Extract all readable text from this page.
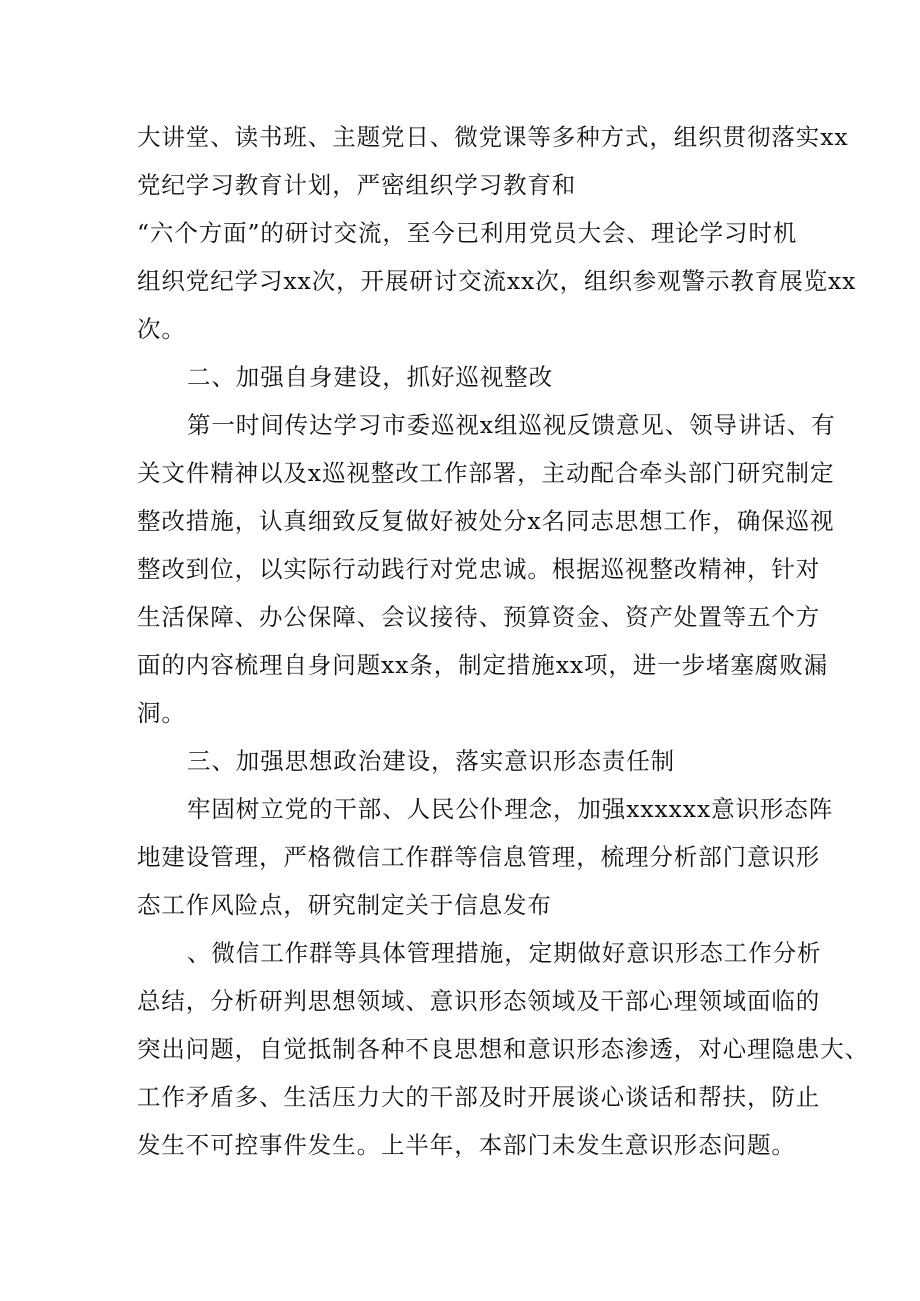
大讲堂、读书班、主题党日、微党课等多种方式，组织贯彻落实xx
党纪学习教育计划，严密组织学习教育和
“六个方面”的研讨交流，至今已利用党员大会、理论学习时机
组织党纪学习xx次，开展研讨交流xx次，组织参观警示教育展览xx
次。
二、加强自身建设，抓好巡视整改
第一时间传达学习市委巡视x组巡视反馈意见、领导讲话、有
关文件精神以及x巡视整改工作部署，主动配合牵头部门研究制定
整改措施，认真细致反复做好被处分x名同志思想工作，确保巡视
整改到位，以实际行动践行对党忠诚。根据巡视整改精神，针对
生活保障、办公保障、会议接待、预算资金、资产处置等五个方
面的内容梳理自身问题xx条，制定措施xx项，进一步堵塞腐败漏
洞。
三、加强思想政治建设，落实意识形态责任制
牢固树立党的干部、人民公仆理念，加强xxxxxx意识形态阵
地建设管理，严格微信工作群等信息管理，梳理分析部门意识形
态工作风险点，研究制定关于信息发布
、微信工作群等具体管理措施，定期做好意识形态工作分析
总结，分析研判思想领域、意识形态领域及干部心理领域面临的
突出问题，自觉抵制各种不良思想和意识形态渗透，对心理隐患大、
工作矛盾多、生活压力大的干部及时开展谈心谈话和帮扶，防止
发生不可控事件发生。上半年，本部门未发生意识形态问题。
